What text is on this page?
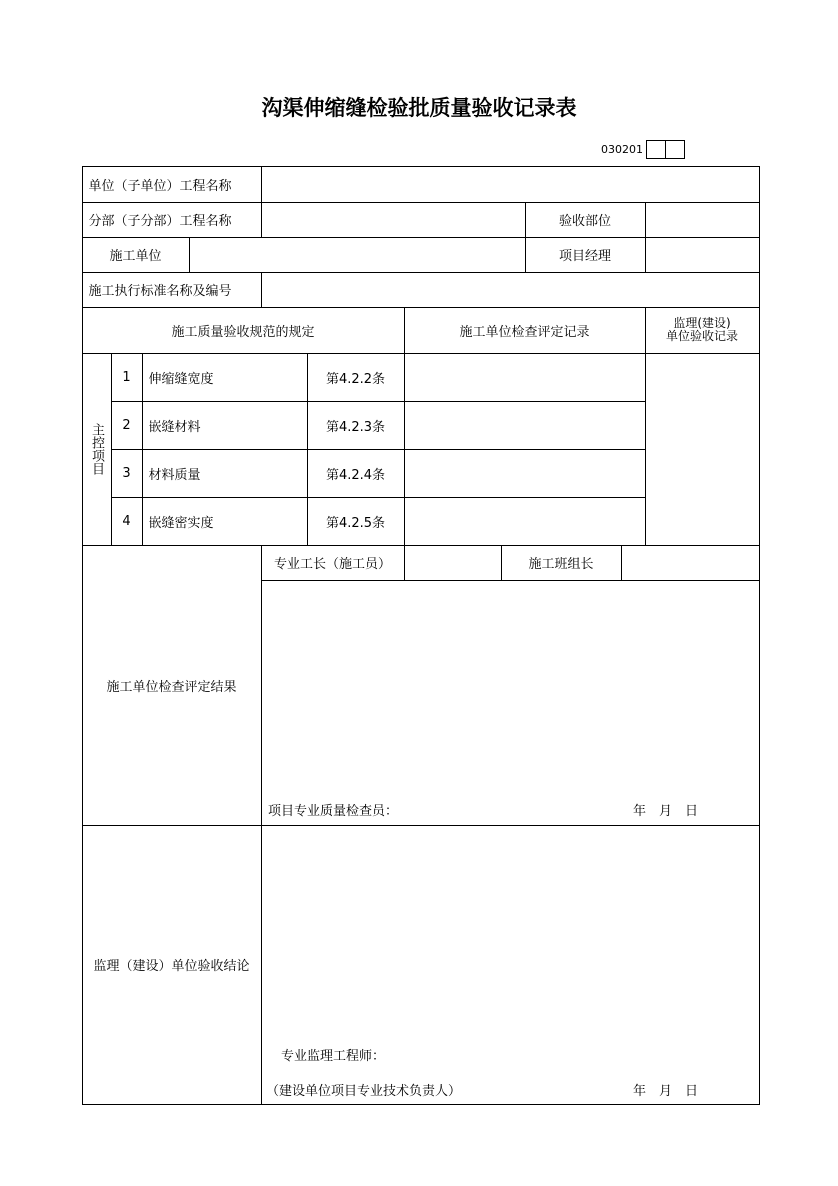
沟渠伸缩缝检验批质量验收记录表
030201
单位（子单位）工程名称
分部（子分部）工程名称	验收部位
施工单位	项目经理
施工执行标准名称及编号
施工质量验收规范的规定	施工单位检查评定记录
监理(建设)
单位验收记录
主控项目
1	伸缩缝宽度	第4.2.2条
2	嵌缝材料	第4.2.3条
3	材料质量	第4.2.4条
4	嵌缝密实度	第4.2.5条
施工单位检查评定结果
专业工长（施工员）	施工班组长
项目专业质量检查员：	年　月　日
监理（建设）单位验收结论
专业监理工程师：
（建设单位项目专业技术负责人）	年　月　日
